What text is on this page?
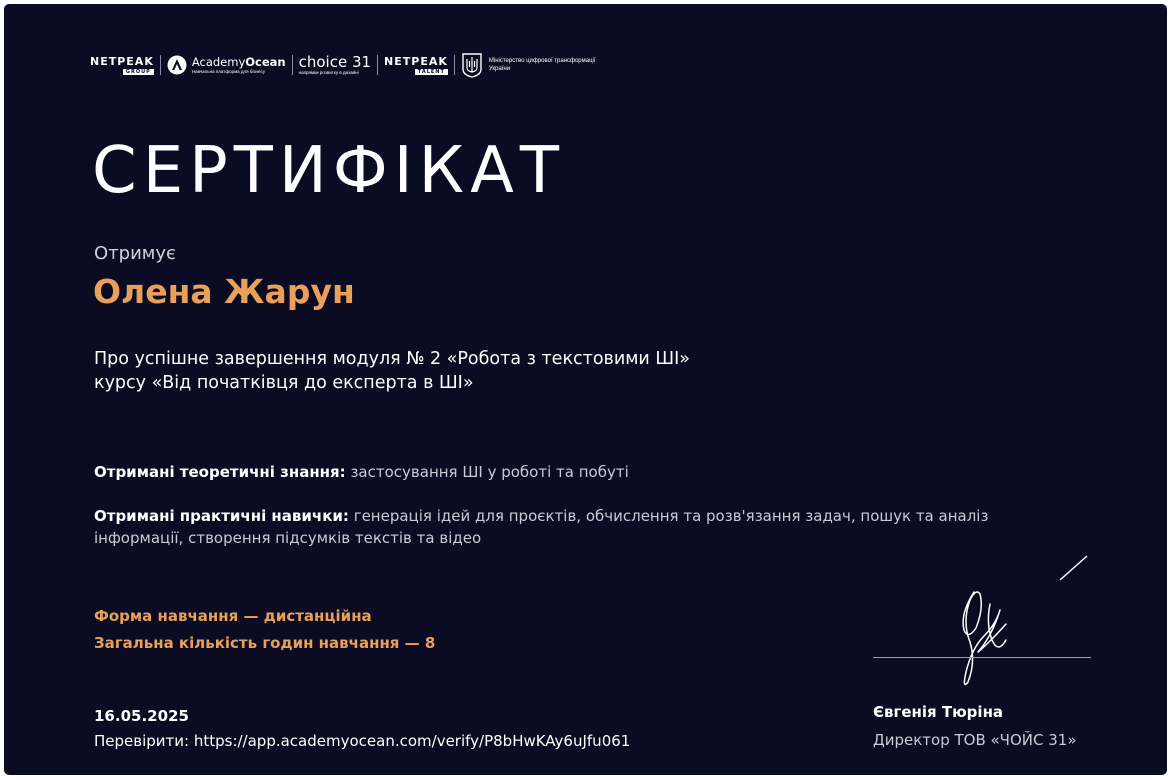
NETPEAK
GROUP
AcademyOcean
Навчальна платформа для бізнесу	choice 31
напрямки розвитку в дизайні
NETPEAK
TALENT
Міністерство цифрової трансформації України
СЕРТИФІКАТ
Отримує
Олена Жарун
Про успішне завершення модуля № 2 «Робота з текстовими ШІ»
курсу «Від початківця до експерта в ШІ»
Отримані теоретичні знання: застосування ШІ у роботі та побуті
Отримані практичні навички: генерація ідей для проєктів, обчислення та розв'язання задач, пошук та аналіз інформації, створення підсумків текстів та відео
Форма навчання — дистанційна
Загальна кількість годин навчання — 8
16.05.2025
Перевірити: https://app.academyocean.com/verify/P8bHwKAy6uJfu061
Євгенія Тюріна
Директор ТОВ «ЧОЙС 31»
